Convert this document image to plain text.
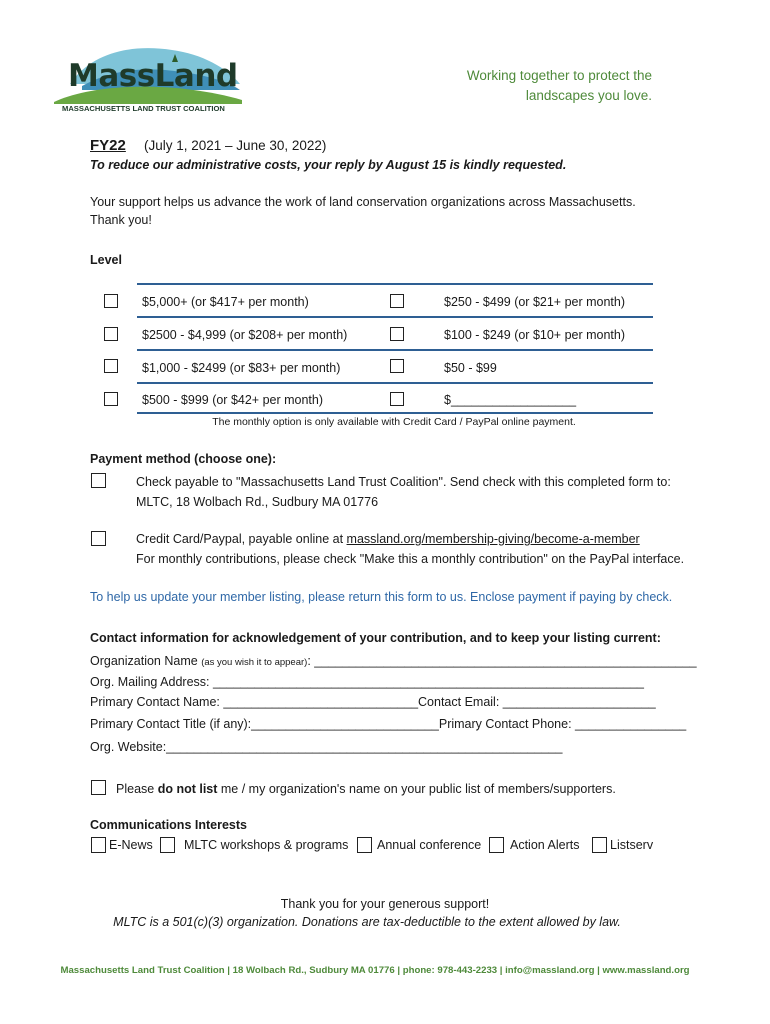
MassLand
MASSACHUSETTS LAND TRUST COALITION
Working together to protect the
landscapes you love.
FY22 (July 1, 2021 – June 30, 2022)
To reduce our administrative costs, your reply by August 15 is kindly requested.
Your support helps us advance the work of land conservation organizations across Massachusetts.
Thank you!
Level
$5,000+ (or $417+ per month)	$250 - $499 (or $21+ per month)
$2500 - $4,999 (or $208+ per month)	$100 - $249 (or $10+ per month)
$1,000 - $2499 (or $83+ per month)	$50 - $99
$500 - $999 (or $42+ per month)	$__________________
The monthly option is only available with Credit Card / PayPal online payment.
Payment method (choose one):
Check payable to "Massachusetts Land Trust Coalition". Send check with this completed form to:
MLTC, 18 Wolbach Rd., Sudbury MA 01776
Credit Card/Paypal, payable online at massland.org/membership-giving/become-a-member
For monthly contributions, please check "Make this a monthly contribution" on the PayPal interface.
To help us update your member listing, please return this form to us. Enclose payment if paying by check.
Contact information for acknowledgement of your contribution, and to keep your listing current:
Organization Name (as you wish it to appear): _______________________________________________________
Org. Mailing Address: ______________________________________________________________
Primary Contact Name: ____________________________Contact Email: ______________________
Primary Contact Title (if any):___________________________Primary Contact Phone: ________________
Org. Website:_________________________________________________________
Please do not list me / my organization's name on your public list of members/supporters.
Communications Interests
E-News MLTC workshops & programs Annual conference Action Alerts Listserv
Thank you for your generous support!
MLTC is a 501(c)(3) organization. Donations are tax-deductible to the extent allowed by law.
Massachusetts Land Trust Coalition | 18 Wolbach Rd., Sudbury MA 01776 | phone: 978-443-2233 | info@massland.org | www.massland.org
